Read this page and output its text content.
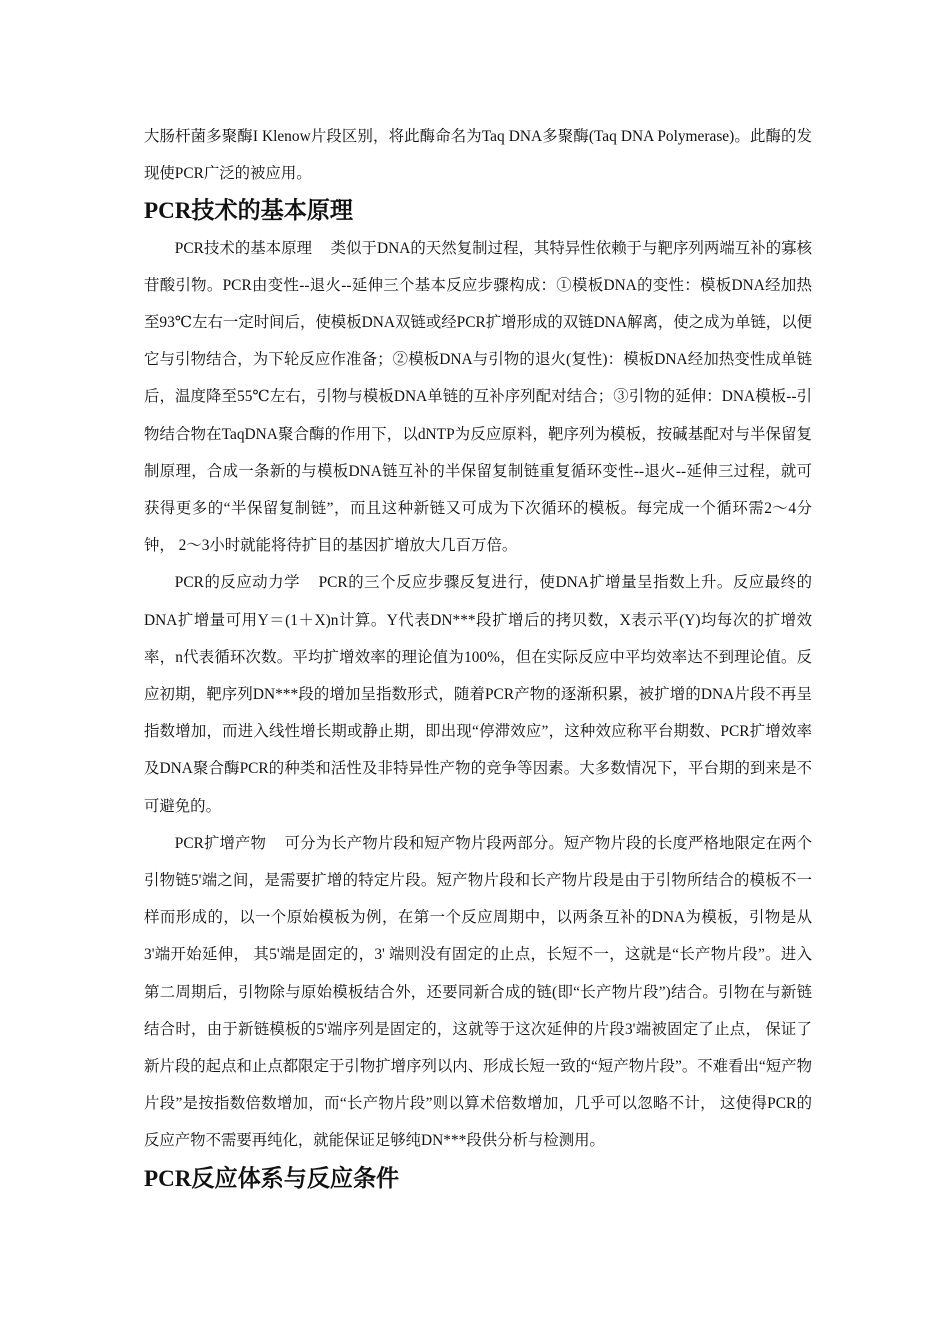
大肠杆菌多聚酶I Klenow片段区别，将此酶命名为Taq DNA多聚酶(Taq DNA Polymerase)。此酶的发现使PCR广泛的被应用。

PCR技术的基本原理

PCR技术的基本原理 类似于DNA的天然复制过程，其特异性依赖于与靶序列两端互补的寡核苷酸引物。PCR由变性--退火--延伸三个基本反应步骤构成：①模板DNA的变性：模板DNA经加热至93℃左右一定时间后，使模板DNA双链或经PCR扩增形成的双链DNA解离，使之成为单链，以便它与引物结合，为下轮反应作准备；②模板DNA与引物的退火(复性)：模板DNA经加热变性成单链后，温度降至55℃左右，引物与模板DNA单链的互补序列配对结合；③引物的延伸：DNA模板--引物结合物在TaqDNA聚合酶的作用下，以dNTP为反应原料，靶序列为模板，按碱基配对与半保留复制原理，合成一条新的与模板DNA链互补的半保留复制链重复循环变性--退火--延伸三过程，就可获得更多的“半保留复制链”，而且这种新链又可成为下次循环的模板。每完成一个循环需2～4分钟， 2～3小时就能将待扩目的基因扩增放大几百万倍。

PCR的反应动力学 PCR的三个反应步骤反复进行，使DNA扩增量呈指数上升。反应最终的DNA扩增量可用Y＝(1＋X)n计算。Y代表DN***段扩增后的拷贝数，X表示平(Y)均每次的扩增效率，n代表循环次数。平均扩增效率的理论值为100%，但在实际反应中平均效率达不到理论值。反应初期，靶序列DN***段的增加呈指数形式，随着PCR产物的逐渐积累，被扩增的DNA片段不再呈指数增加，而进入线性增长期或静止期，即出现“停滞效应”，这种效应称平台期数、PCR扩增效率及DNA聚合酶PCR的种类和活性及非特异性产物的竞争等因素。大多数情况下，平台期的到来是不可避免的。

PCR扩增产物 可分为长产物片段和短产物片段两部分。短产物片段的长度严格地限定在两个引物链5'端之间，是需要扩增的特定片段。短产物片段和长产物片段是由于引物所结合的模板不一样而形成的，以一个原始模板为例，在第一个反应周期中，以两条互补的DNA为模板，引物是从3'端开始延伸， 其5'端是固定的，3' 端则没有固定的止点，长短不一，这就是“长产物片段”。进入第二周期后，引物除与原始模板结合外，还要同新合成的链(即“长产物片段”)结合。引物在与新链结合时，由于新链模板的5'端序列是固定的，这就等于这次延伸的片段3'端被固定了止点， 保证了新片段的起点和止点都限定于引物扩增序列以内、形成长短一致的“短产物片段”。不难看出“短产物片段”是按指数倍数增加，而“长产物片段”则以算术倍数增加，几乎可以忽略不计， 这使得PCR的反应产物不需要再纯化，就能保证足够纯DN***段供分析与检测用。

PCR反应体系与反应条件
